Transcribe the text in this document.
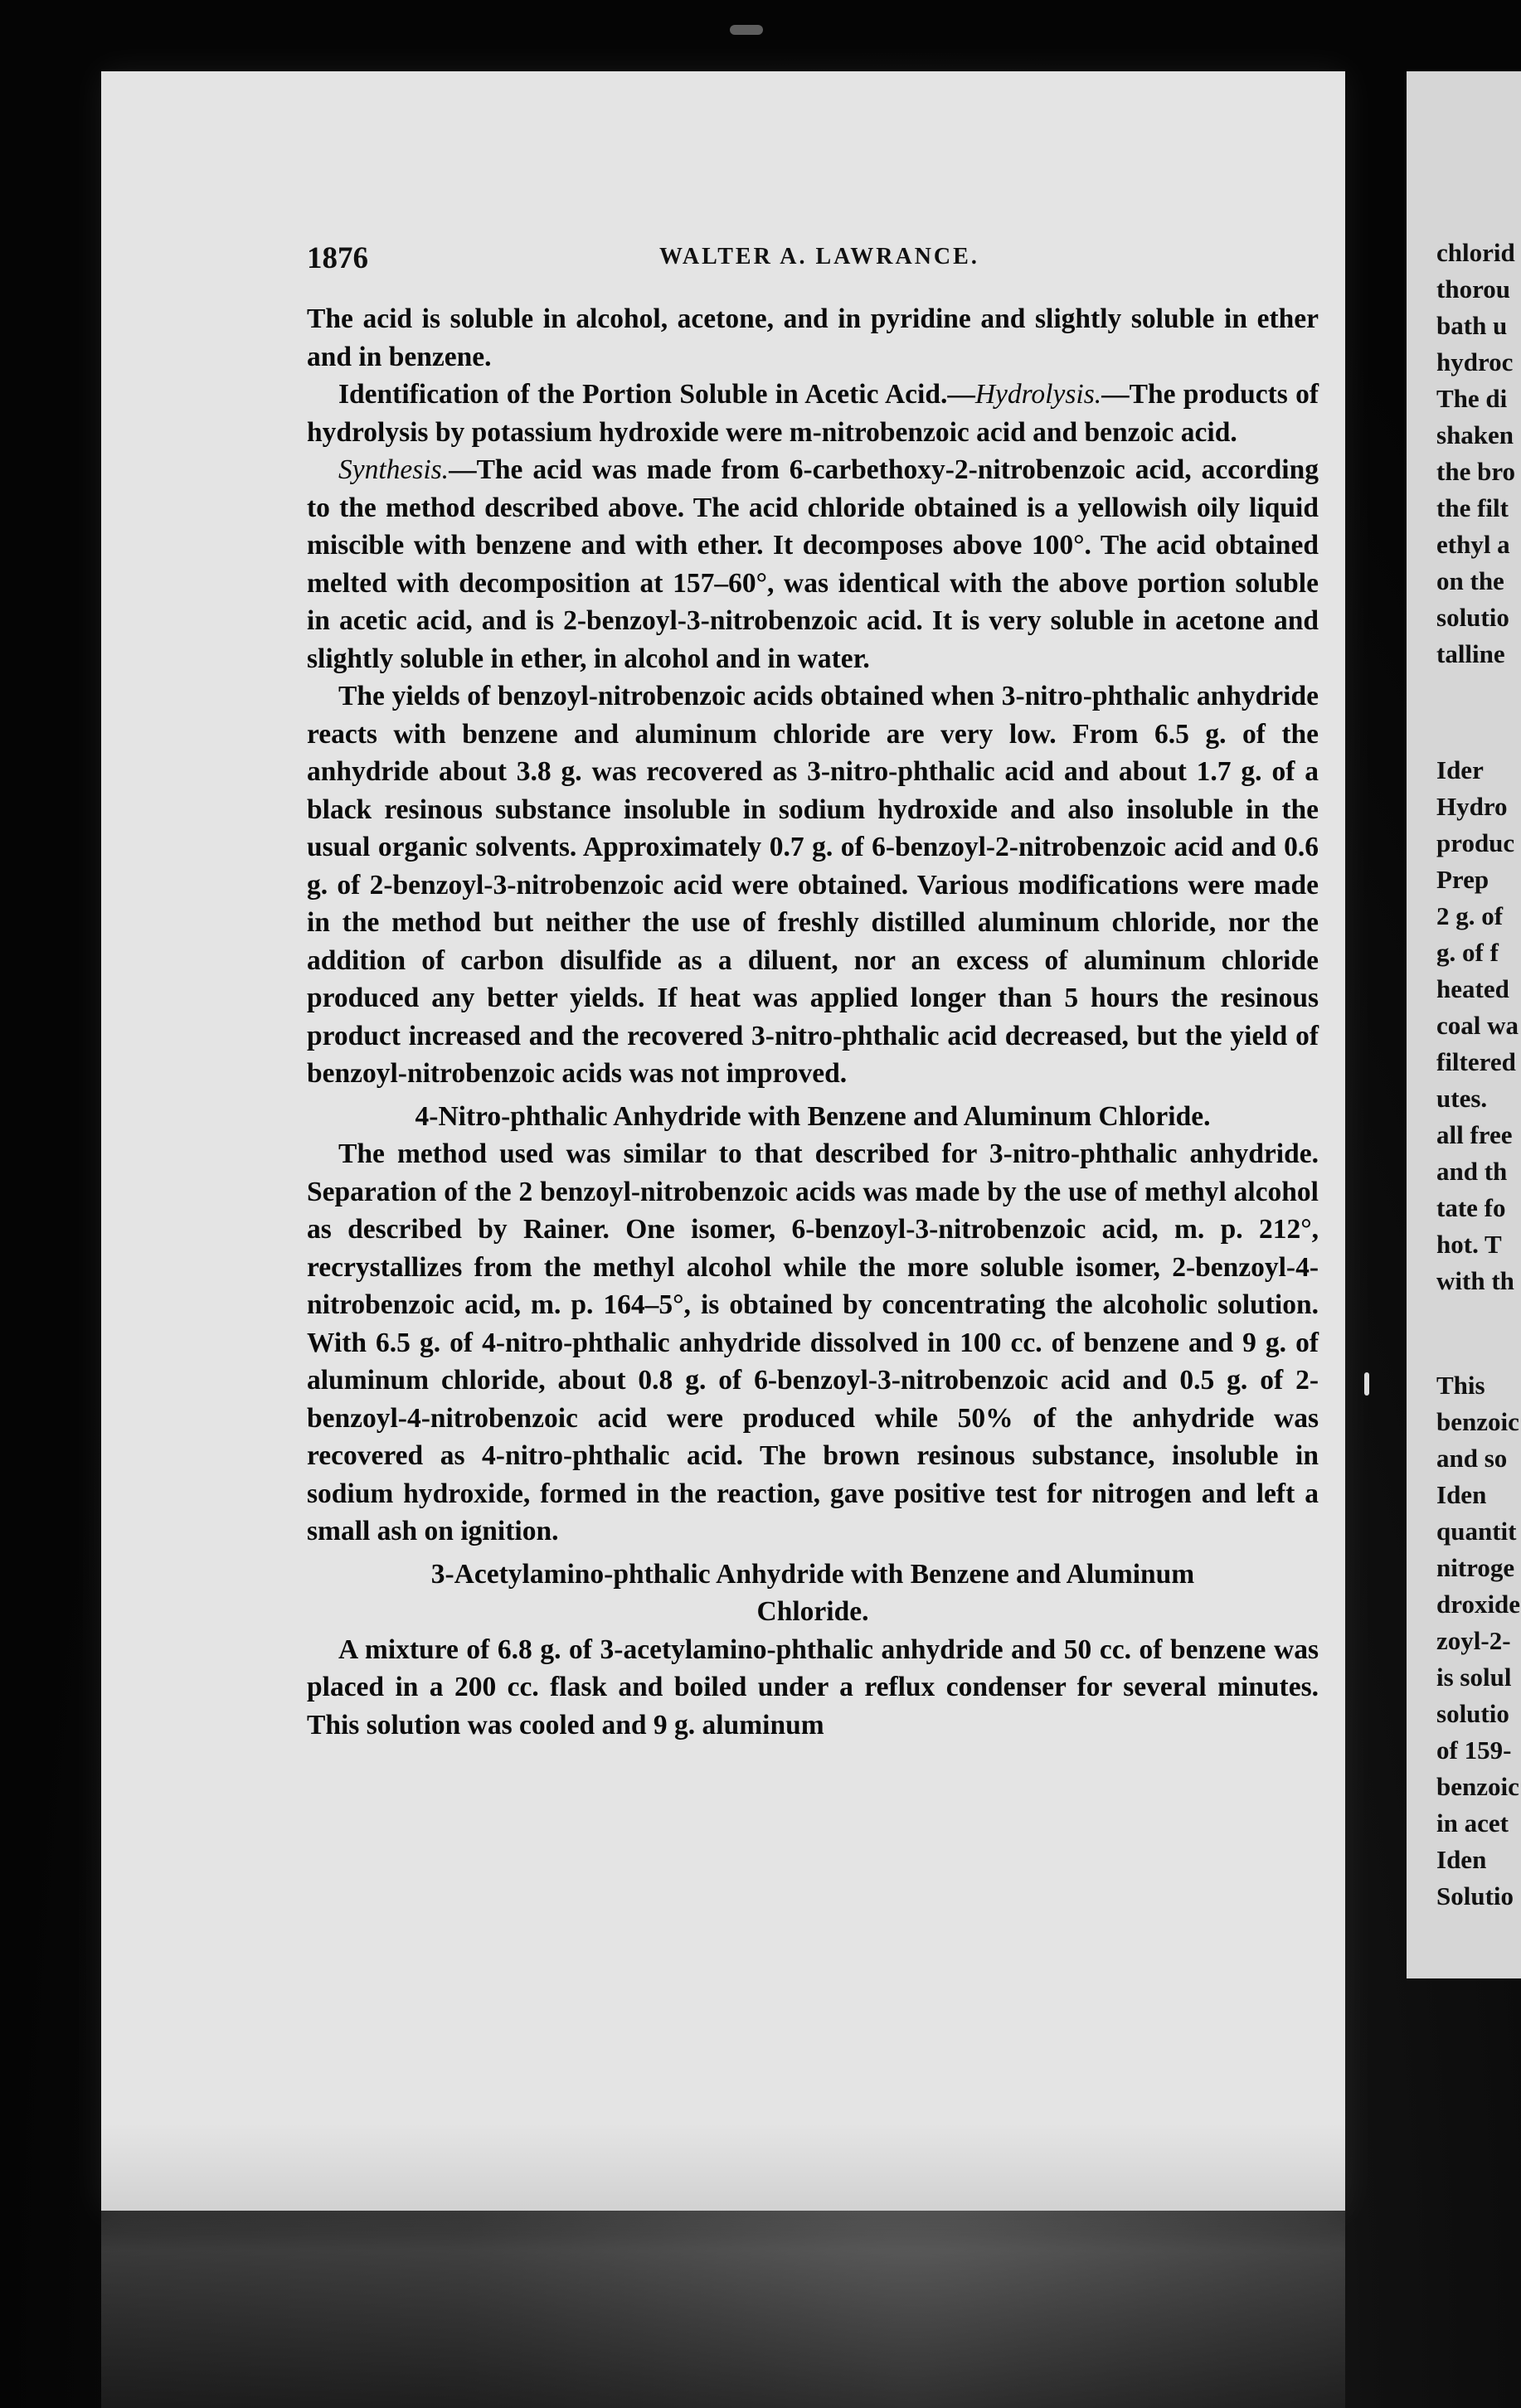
chlorid
thorou
bath u
hydroc
The di
shaken
the bro
the filt
ethyl a
on the
solutio
talline
Ider
Hydro
produc
Prep
2 g. of
g. of f
heated
coal wa
filtered
utes.
all free
and th
tate fo
hot. T
with th
This
benzoic
and so
Iden
quantit
nitroge
droxide
zoyl-2-
is solul
solutio
of 159-
benzoic
in acet
Iden
Solutio
1876	WALTER A. LAWRANCE.

The acid is soluble in alcohol, acetone, and in pyridine and slightly soluble in ether and in benzene.

Identification of the Portion Soluble in Acetic Acid.—Hydrolysis.—The products of hydrolysis by potassium hydroxide were m-nitrobenzoic acid and benzoic acid.

Synthesis.—The acid was made from 6-carbethoxy-2-nitrobenzoic acid, according to the method described above. The acid chloride obtained is a yellowish oily liquid miscible with benzene and with ether. It decomposes above 100°. The acid obtained melted with decomposition at 157–60°, was identical with the above portion soluble in acetic acid, and is 2-benzoyl-3-nitrobenzoic acid. It is very soluble in acetone and slightly soluble in ether, in alcohol and in water.

The yields of benzoyl-nitrobenzoic acids obtained when 3-nitro-phthalic anhydride reacts with benzene and aluminum chloride are very low. From 6.5 g. of the anhydride about 3.8 g. was recovered as 3-nitro-phthalic acid and about 1.7 g. of a black resinous substance insoluble in sodium hydroxide and also insoluble in the usual organic solvents. Approximately 0.7 g. of 6-benzoyl-2-nitrobenzoic acid and 0.6 g. of 2-benzoyl-3-nitrobenzoic acid were obtained. Various modifications were made in the method but neither the use of freshly distilled aluminum chloride, nor the addition of carbon disulfide as a diluent, nor an excess of aluminum chloride produced any better yields. If heat was applied longer than 5 hours the resinous product increased and the recovered 3-nitro-phthalic acid decreased, but the yield of benzoyl-nitrobenzoic acids was not improved.

4-Nitro-phthalic Anhydride with Benzene and Aluminum Chloride.

The method used was similar to that described for 3-nitro-phthalic anhydride. Separation of the 2 benzoyl-nitrobenzoic acids was made by the use of methyl alcohol as described by Rainer. One isomer, 6-benzoyl-3-nitrobenzoic acid, m. p. 212°, recrystallizes from the methyl alcohol while the more soluble isomer, 2-benzoyl-4-nitrobenzoic acid, m. p. 164–5°, is obtained by concentrating the alcoholic solution. With 6.5 g. of 4-nitro-phthalic anhydride dissolved in 100 cc. of benzene and 9 g. of aluminum chloride, about 0.8 g. of 6-benzoyl-3-nitrobenzoic acid and 0.5 g. of 2-benzoyl-4-nitrobenzoic acid were produced while 50% of the anhydride was recovered as 4-nitro-phthalic acid. The brown resinous substance, insoluble in sodium hydroxide, formed in the reaction, gave positive test for nitrogen and left a small ash on ignition.

3-Acetylamino-phthalic Anhydride with Benzene and Aluminum
Chloride.

A mixture of 6.8 g. of 3-acetylamino-phthalic anhydride and 50 cc. of benzene was placed in a 200 cc. flask and boiled under a reflux condenser for several minutes. This solution was cooled and 9 g. aluminum
